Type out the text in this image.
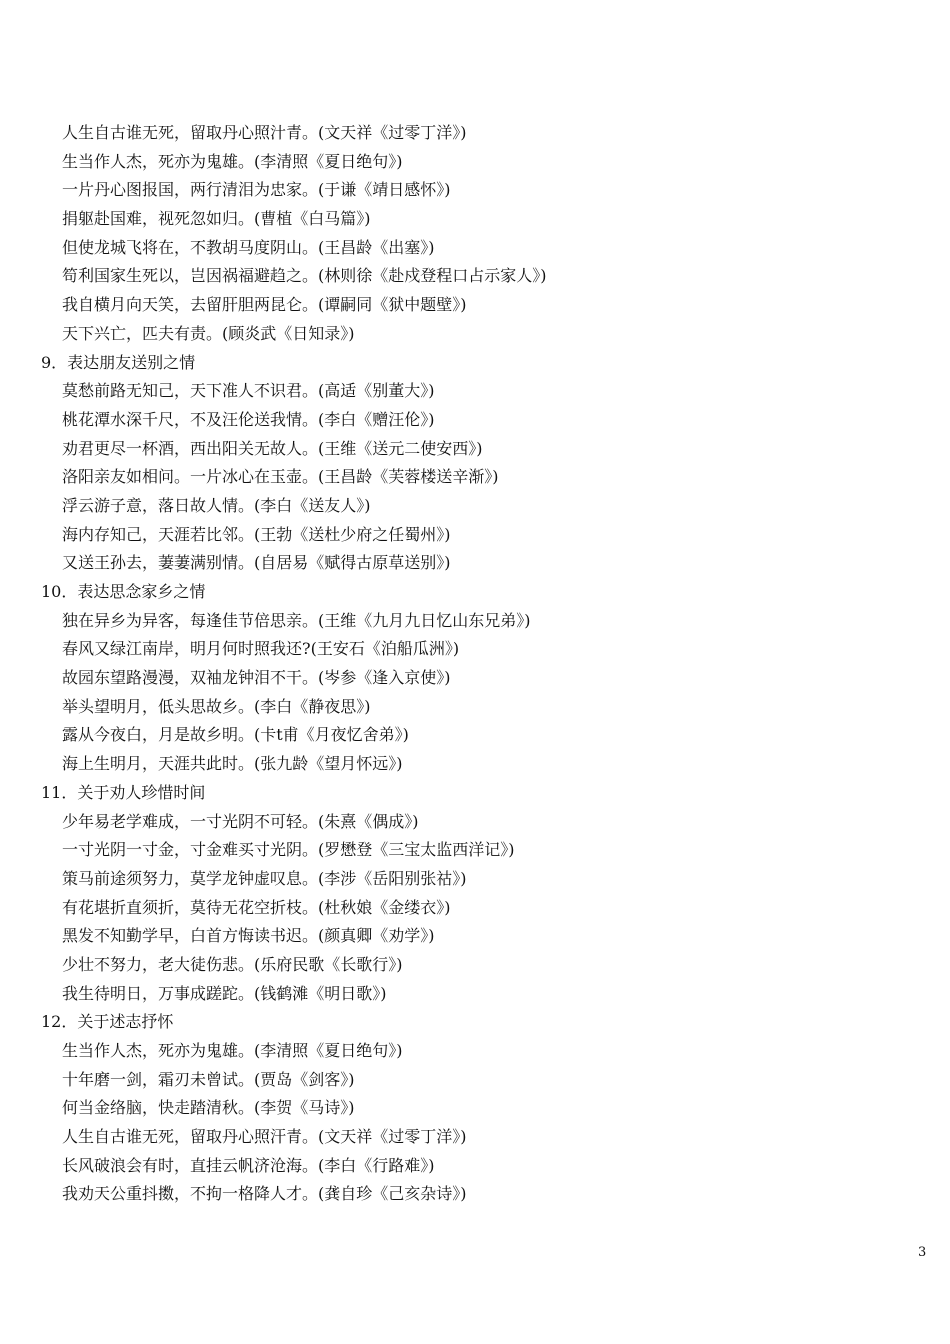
人生自古谁无死，留取丹心照汁青。(文天祥《过零丁洋》)
生当作人杰，死亦为鬼雄。(李清照《夏日绝句》)
一片丹心图报国，两行清泪为忠家。(于谦《靖日感怀》)
捐躯赴国难，视死忽如归。(曹植《白马篇》)
但使龙城飞将在，不教胡马度阴山。(王昌龄《出塞》)
笱利国家生死以，岂因祸福避趋之。(林则徐《赴戍登程口占示家人》)
我自横月向天笑，去留肝胆两昆仑。(谭嗣同《狱中题壁》)
天下兴亡，匹夫有责。(顾炎武《日知录》)
9．表达朋友送别之情
莫愁前路无知己，天下准人不识君。(高适《别董大》)
桃花潭水深千尺，不及汪伦送我情。(李白《赠汪伦》)
劝君更尽一杯酒，西出阳关无故人。(王维《送元二使安西》)
洛阳亲友如相问。一片冰心在玉壶。(王昌龄《芙蓉楼送辛渐》)
浮云游子意，落日故人情。(李白《送友人》)
海内存知己，天涯若比邻。(王勃《送杜少府之任蜀州》)
又送王孙去，萋萋满别情。(自居易《赋得古原草送别》)
10．表达思念家乡之情
独在异乡为异客，每逢佳节倍思亲。(王维《九月九日忆山东兄弟》)
春风又绿江南岸，明月何时照我还?(王安石《泊船瓜洲》)
故园东望路漫漫，双袖龙钟泪不干。(岑参《逢入京使》)
举头望明月，低头思故乡。(李白《静夜思》)
露从今夜白，月是故乡明。(卡t甫《月夜忆舍弟》)
海上生明月，天涯共此时。(张九龄《望月怀远》)
11．关于劝人珍惜时间
少年易老学难成，一寸光阴不可轻。(朱熹《偶成》)
一寸光阴一寸金，寸金难买寸光阴。(罗懋登《三宝太监西洋记》)
策马前途须努力，莫学龙钟虚叹息。(李涉《岳阳别张祜》)
有花堪折直须折，莫待无花空折枝。(杜秋娘《金缕衣》)
黑发不知勤学早，白首方悔读书迟。(颜真卿《劝学》)
少壮不努力，老大徒伤悲。(乐府民歌《长歌行》)
我生待明日，万事成蹉跎。(钱鹤滩《明日歌》)
12．关于述志抒怀
生当作人杰，死亦为鬼雄。(李清照《夏日绝句》)
十年磨一剑，霜刃未曾试。(贾岛《剑客》)
何当金络脑，快走踏清秋。(李贺《马诗》)
人生自古谁无死，留取丹心照汗青。(文天祥《过零丁洋》)
长风破浪会有时，直挂云帆济沧海。(李白《行路难》)
我劝天公重抖擞，不拘一格降人才。(龚自珍《己亥杂诗》)
3
